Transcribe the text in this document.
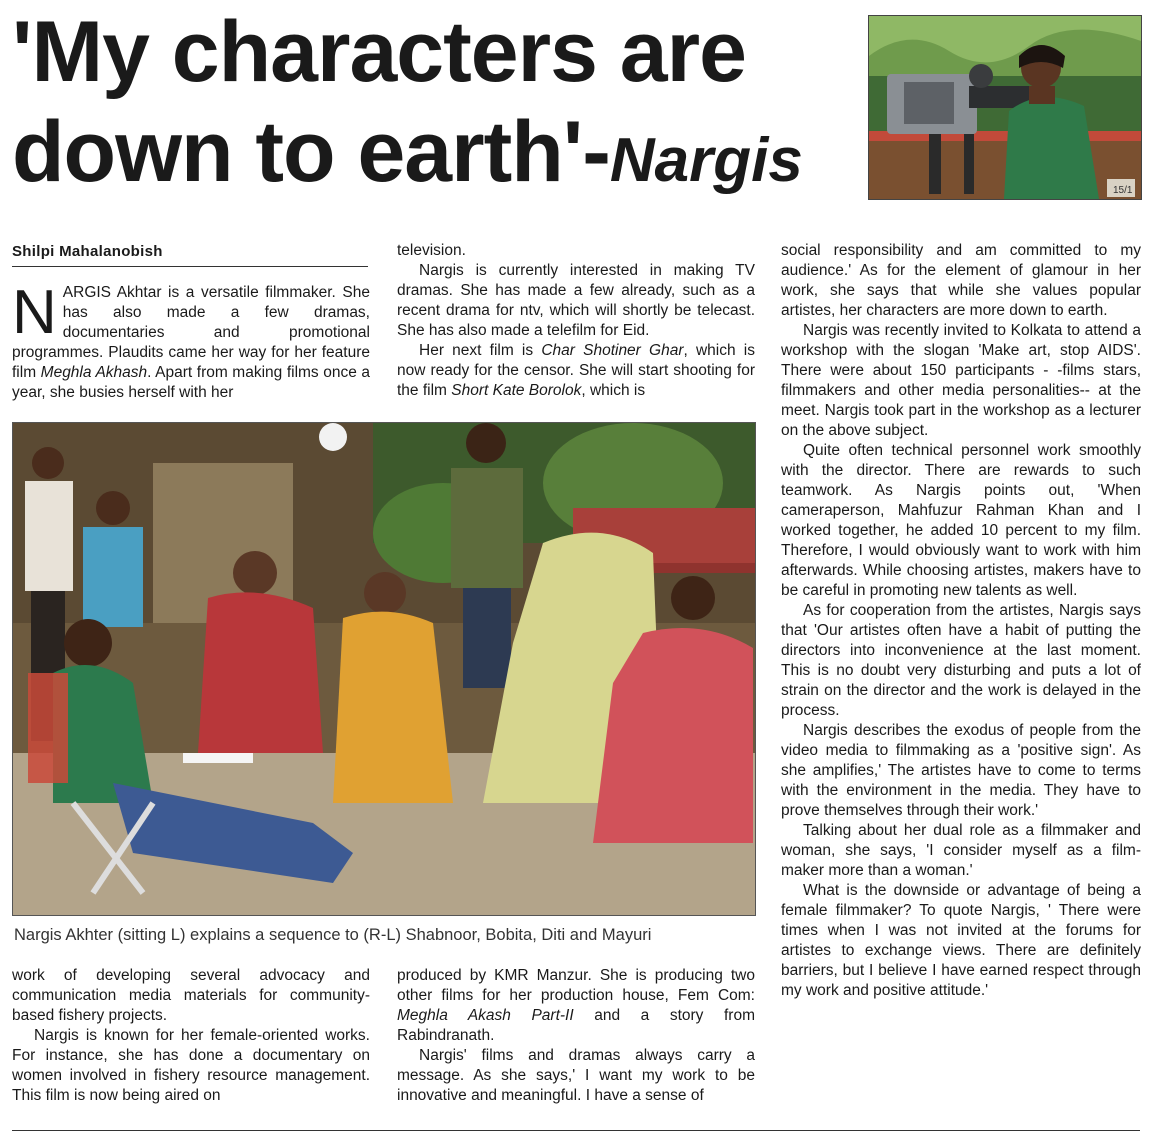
'My characters are down to earth'-Nargis	15/1
Shilpi Mahalanobish

NARGIS Akhtar is a versatile filmmaker. She has also made a few dramas, documentaries and promotional programmes. Plaudits came her way for her feature film Meghla Akhash. Apart from making films once a year, she busies herself with her

television.

Nargis is currently interested in making TV dramas. She has made a few already, such as a recent drama for ntv, which will shortly be telecast. She has also made a telefilm for Eid.

Her next film is Char Shotiner Ghar, which is now ready for the censor. She will start shooting for the film Short Kate Borolok, which is

Nargis Akhter (sitting L) explains a sequence to (R-L) Shabnoor, Bobita, Diti and Mayuri

work of developing several advocacy and communication media materials for community-based fishery projects.

Nargis is known for her female-oriented works. For instance, she has done a documentary on women involved in fishery resource management. This film is now being aired on

produced by KMR Manzur. She is producing two other films for her production house, Fem Com: Meghla Akash Part-II and a story from Rabindranath.

Nargis' films and dramas always carry a message. As she says,' I want my work to be innovative and meaningful. I have a sense of

social responsibility and am committed to my audience.' As for the element of glamour in her work, she says that while she values popular artistes, her characters are more down to earth.

Nargis was recently invited to Kolkata to attend a workshop with the slogan 'Make art, stop AIDS'. There were about 150 participants - -films stars, filmmakers and other media personalities-- at the meet. Nargis took part in the workshop as a lecturer on the above subject.

Quite often technical personnel work smoothly with the director. There are rewards to such teamwork. As Nargis points out, 'When cameraperson, Mahfuzur Rahman Khan and I worked together, he added 10 percent to my film. Therefore, I would obviously want to work with him afterwards. While choosing artistes, makers have to be careful in promoting new talents as well.

As for cooperation from the artistes, Nargis says that 'Our artistes often have a habit of putting the directors into inconvenience at the last moment. This is no doubt very disturbing and puts a lot of strain on the director and the work is delayed in the process.

Nargis describes the exodus of people from the video media to filmmaking as a 'positive sign'. As she amplifies,' The artistes have to come to terms with the environment in the media. They have to prove themselves through their work.'

Talking about her dual role as a filmmaker and woman, she says, 'I consider myself as a film- maker more than a woman.'

What is the downside or advantage of being a female filmmaker? To quote Nargis, ' There were times when I was not invited at the forums for artistes to exchange views. There are definitely barriers, but I believe I have earned respect through my work and positive attitude.'
